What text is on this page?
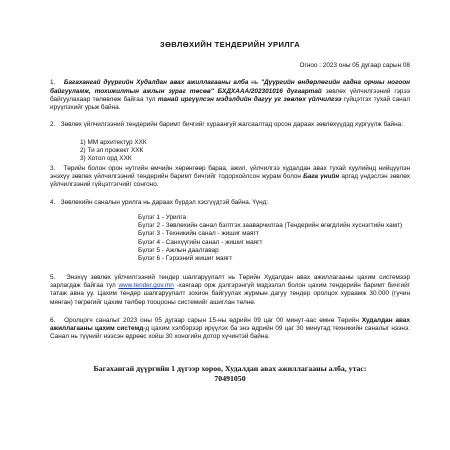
ЗӨВЛӨХИЙН ТЕНДЕРИЙН УРИЛГА
Огноо : 2023 оны 05 дугаар сарын 08

1. Багахангай дүүргийн Худалдан авах ажиллагааны алба нь "Дүүргийн өндөрлөгийн гадна орчны ногоон байгууламж, тохижилтын ажлын зураг төсөв" БХДХААА/202301016 дугаартай зөвлөх үйлчилгээний гэрээ байгуулахаар төлөвлөж байгаа тул танай иргүүлсэн мэдэлдийн дагуу уг зөвлөх үйлчилгээ гүйцэтгэх тухай санал ирүүлэхийг урьж байна.

2. Зөвлөх үйлчилгээний тендерийн баримт бичгийг хураангуй жагсаалтад орсон дараах зөвлөхүүдэд хүргүүлж байна:

1) ММ архитектур ХХК
2) Ти эл прожект ХХК
3) Хотол орд ХХК

3. Төрийн болон орон нутгийн өмчийн хөрөнгөөр бараа, ажил, үйлчилгээ худалдан авах тухай хуулийнд нийцүүлэн энэхүү зөвлөх үйлчилгээний тендерийн баримт бичгийг тодорхойлсон журам болон Бага үнийн аргад үндэслэн зөвлөх үйлчилгээний гүйцэтгэгчийг сонгоно.

4. Зөвлөхийн саналын урилга нь дараах бүрдэл хэсгүүдтэй байна. Үүнд:

Бүлэг 1 - Урилга
Бүлэг 2 - Зөвлөхийн санал бэлтгэх зааварчилгаа (Тендерийн өгөгдлийн хүснэгтийн хамт)
Бүлэг 3 - Техникийн санал - жишиг маягт
Бүлэг 4 - Санхүүгийн санал - жишиг маягт
Бүлэг 5 - Ажлын даалгавар
Бүлэг 6 - Гэрээний жишиг маягт

5. Энэхүү зөвлөх үйлчилгээний тендер шалгаруулалт нь Төрийн Худалдан авах ажиллагааны цахим системээр зарлагдаж байгаа тул www.tender.gov.mn -хаягаар орж дэлгэрэнгүй мэдээлэл болон цахим тендерийн баримт бичгийг татаж авна уу. Цахим тендер шалгаруулалт зохион байгуулах журмын дагуу тендер оролцох хураамж 30.000 (гучин мянган) төгрөгийг цахим төлбөр тооцооны системийг ашиглан төлнө.

6. Оролцогч саналыг 2023 оны 05 дугаар сарын 15-ны өдрийн 09 цаг 00 минут-аас өмнө Төрийн Худалдан авах ажиллагааны цахим системд-д цахим хэлбэрээр ирүүлэх ба энэ өдрийн 09 цаг 30 минутад техникийн саналыг нээнэ. Санал нь түүнийг нээсэн өдрөөс хойш 30 хоногийн дотор хүчинтэй байна.

Багахангай дүүргийн 1 дүгээр хороо, Худалдан авах ажиллагааны алба, утас:
70491050
